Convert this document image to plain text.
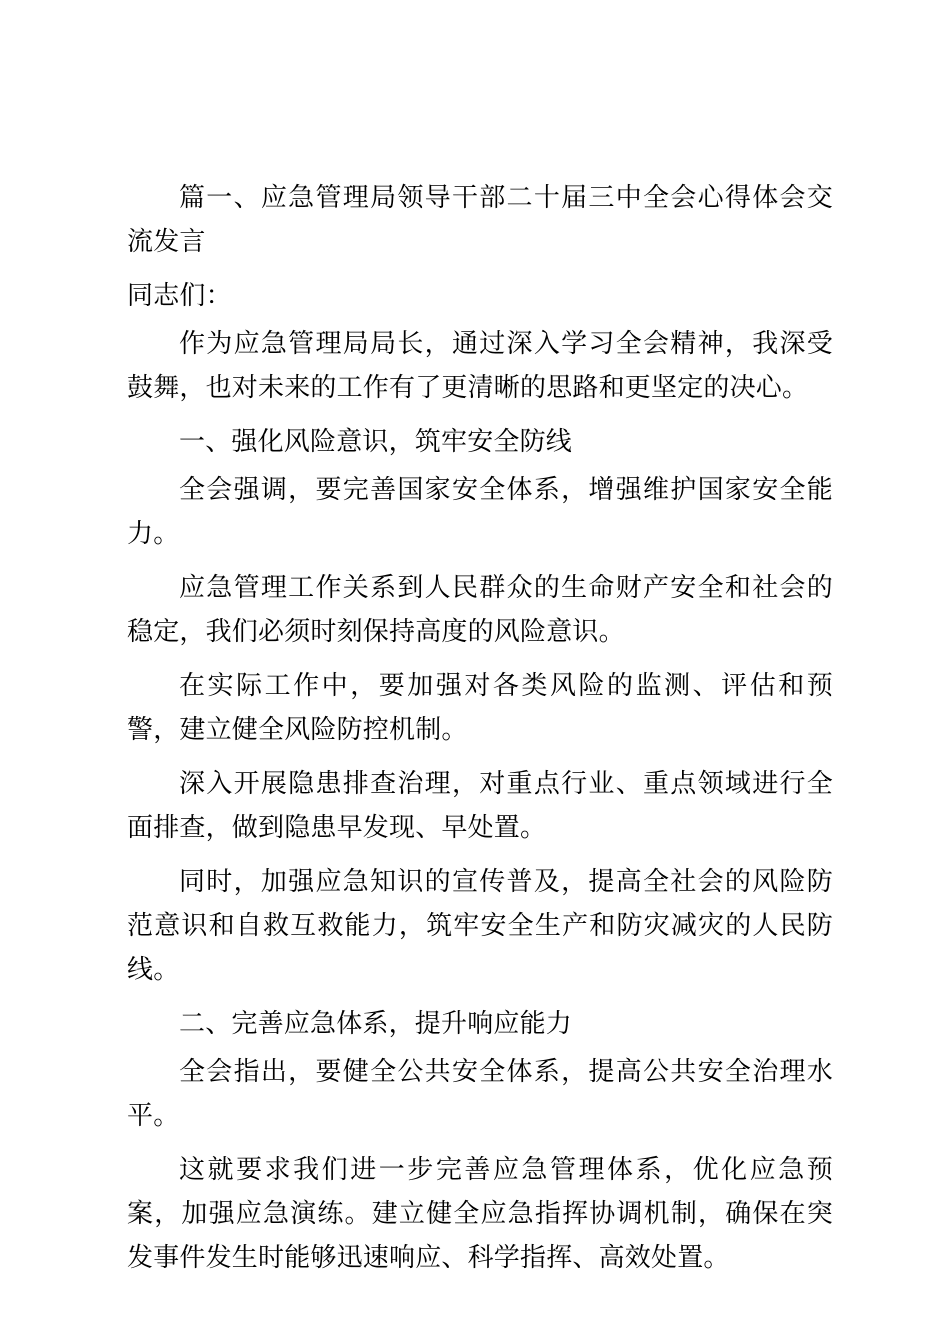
篇一、应急管理局领导干部二十届三中全会心得体会交流发言

同志们：

作为应急管理局局长，通过深入学习全会精神，我深受鼓舞，也对未来的工作有了更清晰的思路和更坚定的决心。

一、强化风险意识，筑牢安全防线

全会强调，要完善国家安全体系，增强维护国家安全能力。

应急管理工作关系到人民群众的生命财产安全和社会的稳定，我们必须时刻保持高度的风险意识。

在实际工作中，要加强对各类风险的监测、评估和预警，建立健全风险防控机制。

深入开展隐患排查治理，对重点行业、重点领域进行全面排查，做到隐患早发现、早处置。

同时，加强应急知识的宣传普及，提高全社会的风险防范意识和自救互救能力，筑牢安全生产和防灾减灾的人民防线。

二、完善应急体系，提升响应能力

全会指出，要健全公共安全体系，提高公共安全治理水平。

这就要求我们进一步完善应急管理体系，优化应急预案，加强应急演练。建立健全应急指挥协调机制，确保在突发事件发生时能够迅速响应、科学指挥、高效处置。
